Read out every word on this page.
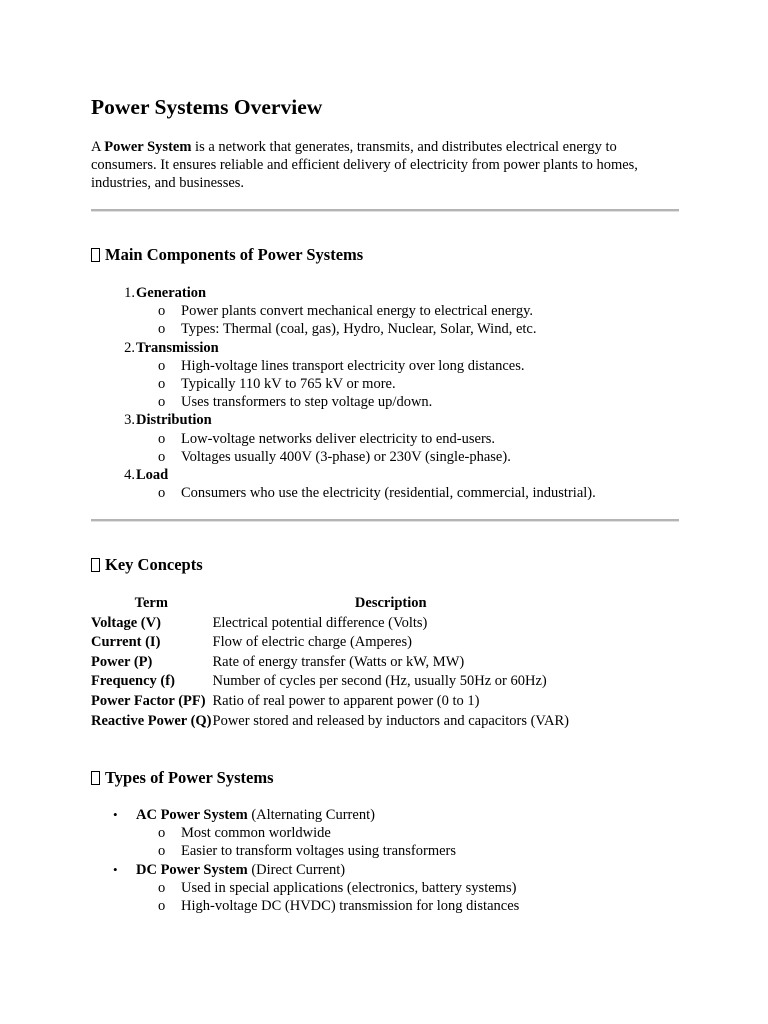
Power Systems Overview

A Power System is a network that generates, transmits, and distributes electrical energy to consumers. It ensures reliable and efficient delivery of electricity from power plants to homes, industries, and businesses.

Main Components of Power Systems
1. Generation
o Power plants convert mechanical energy to electrical energy.
o Types: Thermal (coal, gas), Hydro, Nuclear, Solar, Wind, etc.
2. Transmission
o High-voltage lines transport electricity over long distances.
o Typically 110 kV to 765 kV or more.
o Uses transformers to step voltage up/down.
3. Distribution
o Low-voltage networks deliver electricity to end-users.
o Voltages usually 400V (3-phase) or 230V (single-phase).
4. Load
o Consumers who use the electricity (residential, commercial, industrial).
Key Concepts
Term	Description
Voltage (V)	Electrical potential difference (Volts)
Current (I)	Flow of electric charge (Amperes)
Power (P)	Rate of energy transfer (Watts or kW, MW)
Frequency (f)	Number of cycles per second (Hz, usually 50Hz or 60Hz)
Power Factor (PF)	Ratio of real power to apparent power (0 to 1)
Reactive Power (Q)	Power stored and released by inductors and capacitors (VAR)
Types of Power Systems
• AC Power System (Alternating Current)
o Most common worldwide
o Easier to transform voltages using transformers
• DC Power System (Direct Current)
o Used in special applications (electronics, battery systems)
o High-voltage DC (HVDC) transmission for long distances
